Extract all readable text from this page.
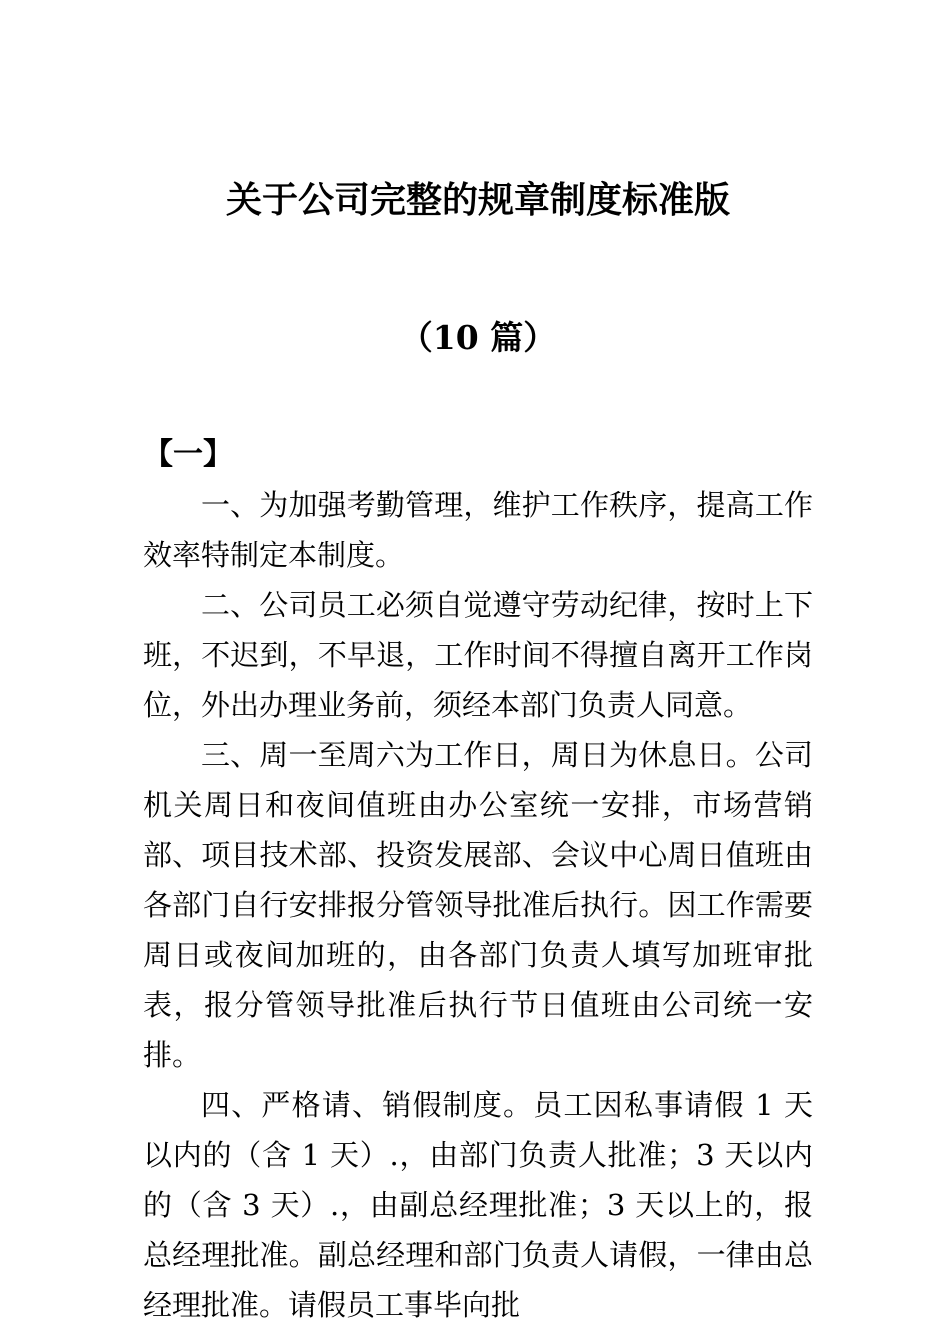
关于公司完整的规章制度标准版
（10 篇）

【一】

一、为加强考勤管理，维护工作秩序，提高工作效率特制定本制度。

二、公司员工必须自觉遵守劳动纪律，按时上下班，不迟到，不早退，工作时间不得擅自离开工作岗位，外出办理业务前，须经本部门负责人同意。

三、周一至周六为工作日，周日为休息日。公司机关周日和夜间值班由办公室统一安排，市场营销部、项目技术部、投资发展部、会议中心周日值班由各部门自行安排报分管领导批准后执行。因工作需要周日或夜间加班的，由各部门负责人填写加班审批表，报分管领导批准后执行节日值班由公司统一安排。

四、严格请、销假制度。员工因私事请假 1 天以内的（含 1 天）.，由部门负责人批准；3 天以内的（含 3 天）.，由副总经理批准；3 天以上的，报总经理批准。副总经理和部门负责人请假，一律由总经理批准。请假员工事毕向批
